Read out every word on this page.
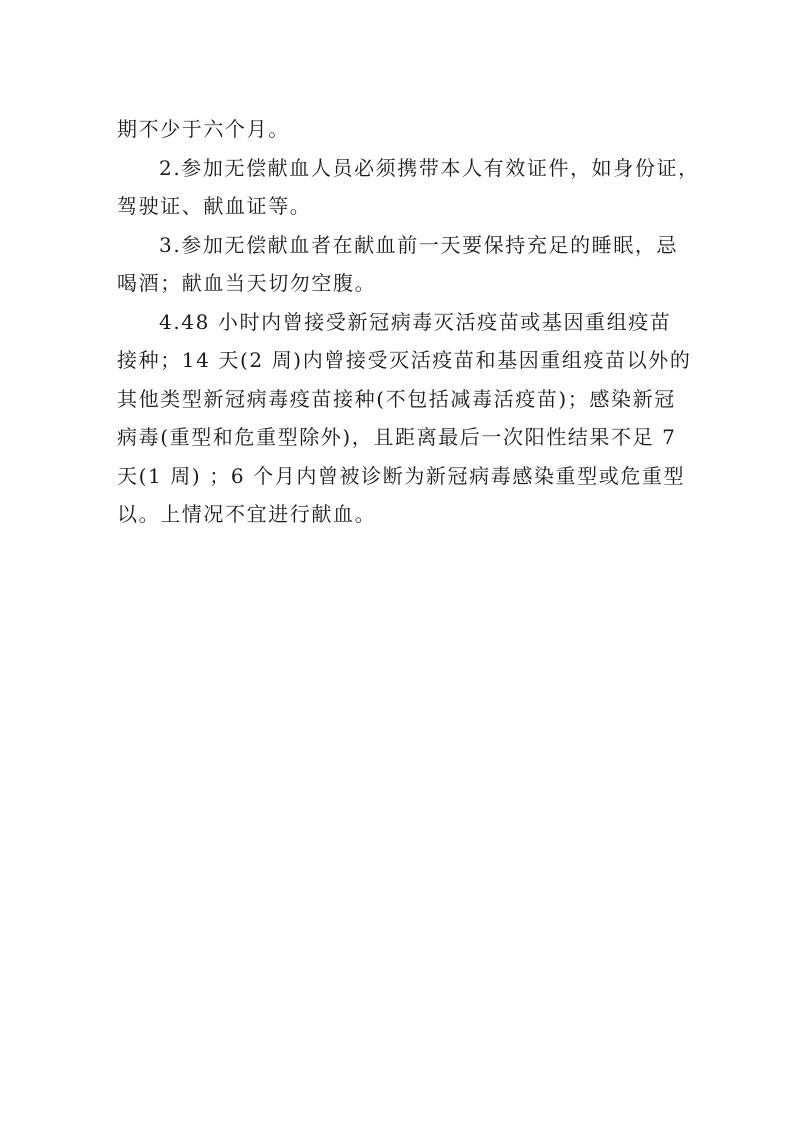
期不少于六个月。
2.参加无偿献血人员必须携带本人有效证件，如身份证，
驾驶证、献血证等。
3.参加无偿献血者在献血前一天要保持充足的睡眠，忌
喝酒；献血当天切勿空腹。
4.48 小时内曾接受新冠病毒灭活疫苗或基因重组疫苗
接种；14 天(2 周)内曾接受灭活疫苗和基因重组疫苗以外的
其他类型新冠病毒疫苗接种(不包括减毒活疫苗)；感染新冠
病毒(重型和危重型除外)，且距离最后一次阳性结果不足 7
天(1 周) ；6 个月内曾被诊断为新冠病毒感染重型或危重型
以。上情况不宜进行献血。
